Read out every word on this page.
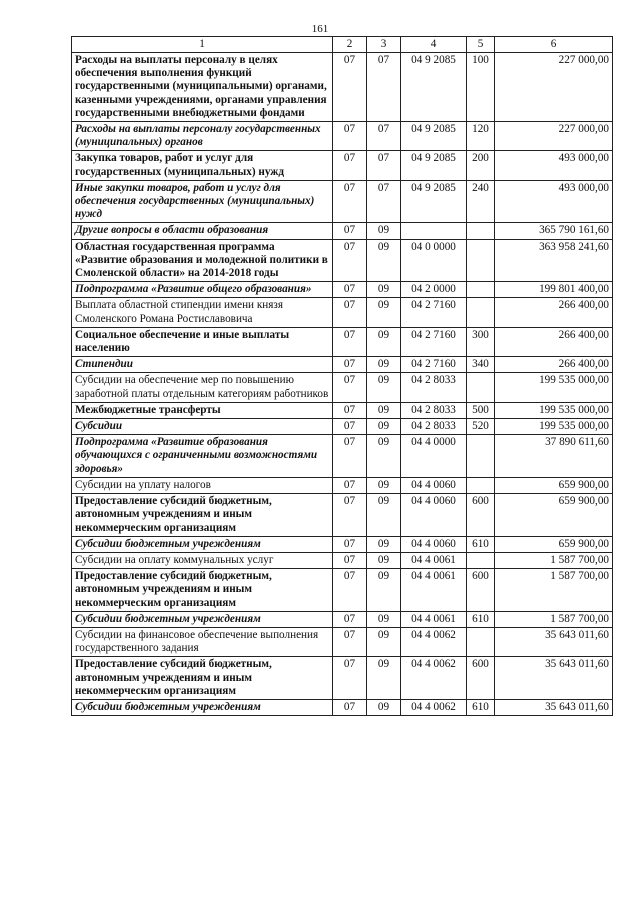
161
1	2	3	4	5	6
Расходы на выплаты персоналу в целях обеспечения выполнения функций государственными (муниципальными) органами, казенными учреждениями, органами управления государственными внебюджетными фондами	07	07	04 9 2085	100	227 000,00
Расходы на выплаты персоналу государственных (муниципальных) органов	07	07	04 9 2085	120	227 000,00
Закупка товаров, работ и услуг для государственных (муниципальных) нужд	07	07	04 9 2085	200	493 000,00
Иные закупки товаров, работ и услуг для обеспечения государственных (муниципальных) нужд	07	07	04 9 2085	240	493 000,00
Другие вопросы в области образования	07	09			365 790 161,60
Областная государственная программа «Развитие образования и молодежной политики в Смоленской области» на 2014-2018 годы	07	09	04 0 0000		363 958 241,60
Подпрограмма «Развитие общего образования»	07	09	04 2 0000		199 801 400,00
Выплата областной стипендии имени князя Смоленского Романа Ростиславовича	07	09	04 2 7160		266 400,00
Социальное обеспечение и иные выплаты населению	07	09	04 2 7160	300	266 400,00
Стипендии	07	09	04 2 7160	340	266 400,00
Субсидии на обеспечение мер по повышению заработной платы отдельным категориям работников	07	09	04 2 8033		199 535 000,00
Межбюджетные трансферты	07	09	04 2 8033	500	199 535 000,00
Субсидии	07	09	04 2 8033	520	199 535 000,00
Подпрограмма «Развитие образования обучающихся с ограниченными возможностями здоровья»	07	09	04 4 0000		37 890 611,60
Субсидии на уплату налогов	07	09	04 4 0060		659 900,00
Предоставление субсидий бюджетным, автономным учреждениям и иным некоммерческим организациям	07	09	04 4 0060	600	659 900,00
Субсидии бюджетным учреждениям	07	09	04 4 0060	610	659 900,00
Субсидии на оплату коммунальных услуг	07	09	04 4 0061		1 587 700,00
Предоставление субсидий бюджетным, автономным учреждениям и иным некоммерческим организациям	07	09	04 4 0061	600	1 587 700,00
Субсидии бюджетным учреждениям	07	09	04 4 0061	610	1 587 700,00
Субсидии на финансовое обеспечение выполнения государственного задания	07	09	04 4 0062		35 643 011,60
Предоставление субсидий бюджетным, автономным учреждениям и иным некоммерческим организациям	07	09	04 4 0062	600	35 643 011,60
Субсидии бюджетным учреждениям	07	09	04 4 0062	610	35 643 011,60
